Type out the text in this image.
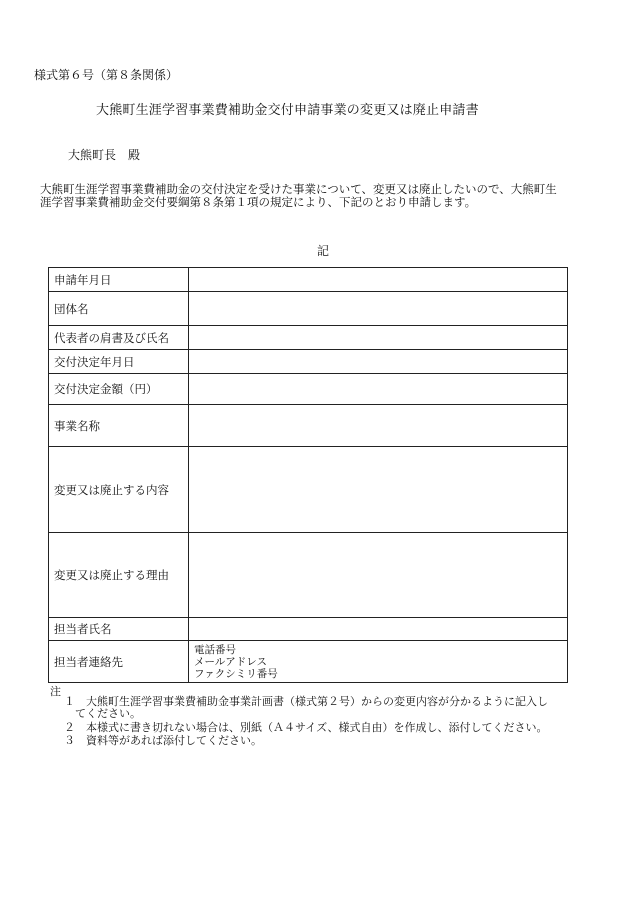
様式第６号（第８条関係）
大熊町生涯学習事業費補助金交付申請事業の変更又は廃止申請書
大熊町長　殿
大熊町生涯学習事業費補助金の交付決定を受けた事業について、変更又は廃止したいので、大熊町生涯学習事業費補助金交付要綱第８条第１項の規定により、下記のとおり申請します。
記
申請年月日	
団体名	
代表者の肩書及び氏名	
交付決定年月日	
交付決定金額（円）	
事業名称	
変更又は廃止する内容	
変更又は廃止する理由	
担当者氏名	
担当者連絡先	電話番号
メールアドレス
ファクシミリ番号
注
１ 大熊町生涯学習事業費補助金事業計画書（様式第２号）からの変更内容が分かるように記入し
てください。
２ 本様式に書き切れない場合は、別紙（Ａ４サイズ、様式自由）を作成し、添付してください。
３ 資料等があれば添付してください。
